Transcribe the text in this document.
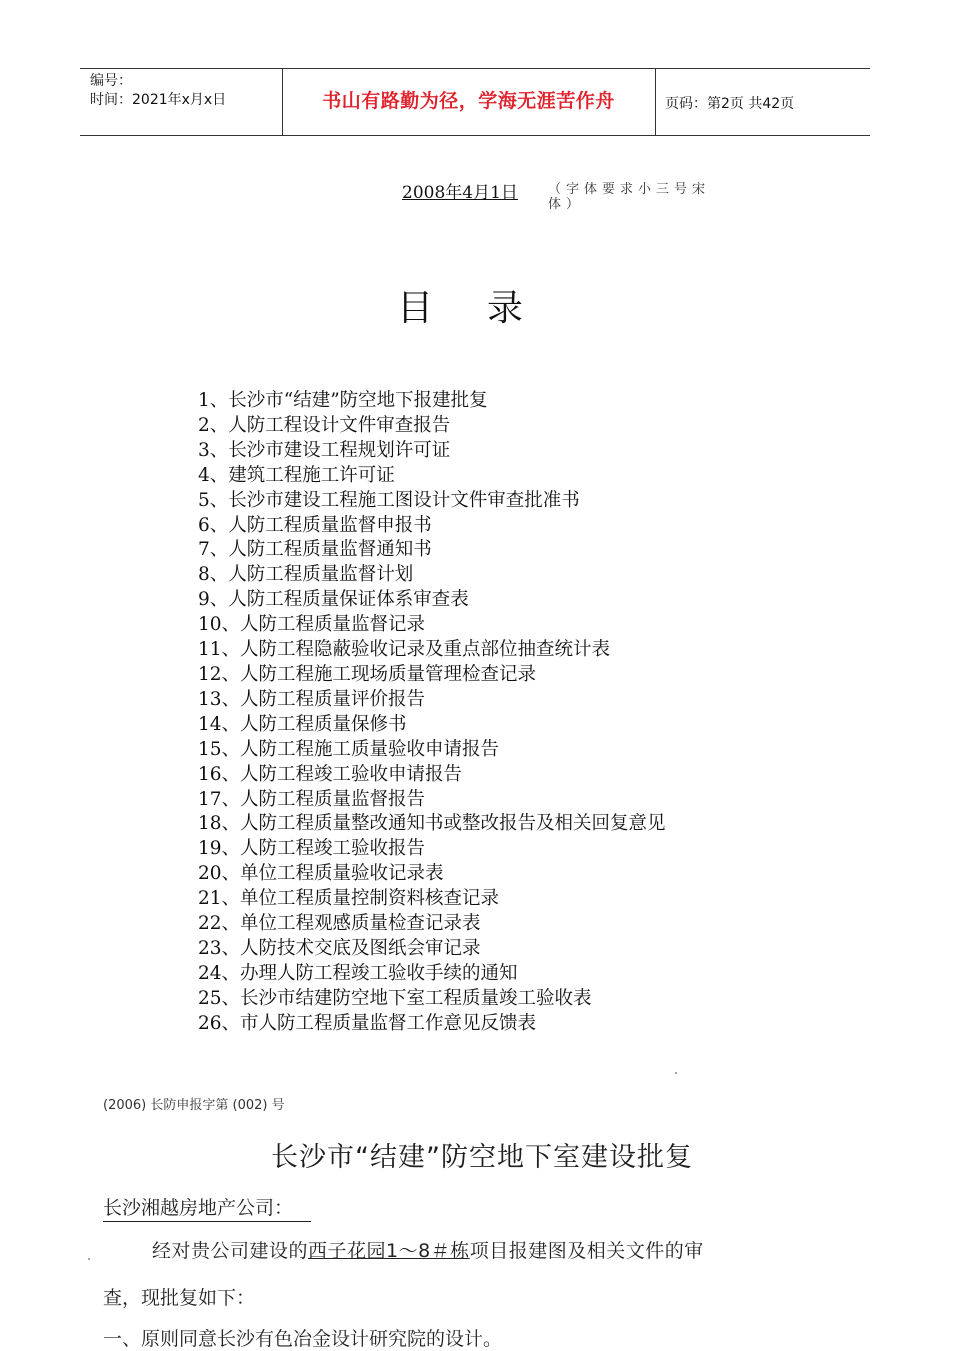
编号：
时间：2021年x月x日	书山有路勤为径，学海无涯苦作舟	页码：第2页 共42页
2008年4月1日 （字体要求小三号宋体）
目录
1、长沙市“结建”防空地下报建批复
2、人防工程设计文件审查报告
3、长沙市建设工程规划许可证
4、建筑工程施工许可证
5、长沙市建设工程施工图设计文件审查批准书
6、人防工程质量监督申报书
7、人防工程质量监督通知书
8、人防工程质量监督计划
9、人防工程质量保证体系审查表
10、人防工程质量监督记录
11、人防工程隐蔽验收记录及重点部位抽查统计表
12、人防工程施工现场质量管理检查记录
13、人防工程质量评价报告
14、人防工程质量保修书
15、人防工程施工质量验收申请报告
16、人防工程竣工验收申请报告
17、人防工程质量监督报告
18、人防工程质量整改通知书或整改报告及相关回复意见
19、人防工程竣工验收报告
20、单位工程质量验收记录表
21、单位工程质量控制资料核查记录
22、单位工程观感质量检查记录表
23、人防技术交底及图纸会审记录
24、办理人防工程竣工验收手续的通知
25、长沙市结建防空地下室工程质量竣工验收表
26、市人防工程质量监督工作意见反馈表
(2006) 长防申报字第 (002) 号
长沙市“结建”防空地下室建设批复
长沙湘越房地产公司：
经对贵公司建设的西子花园1～8＃栋项目报建图及相关文件的审
查，现批复如下：
一、原则同意长沙有色冶金设计研究院的设计。
